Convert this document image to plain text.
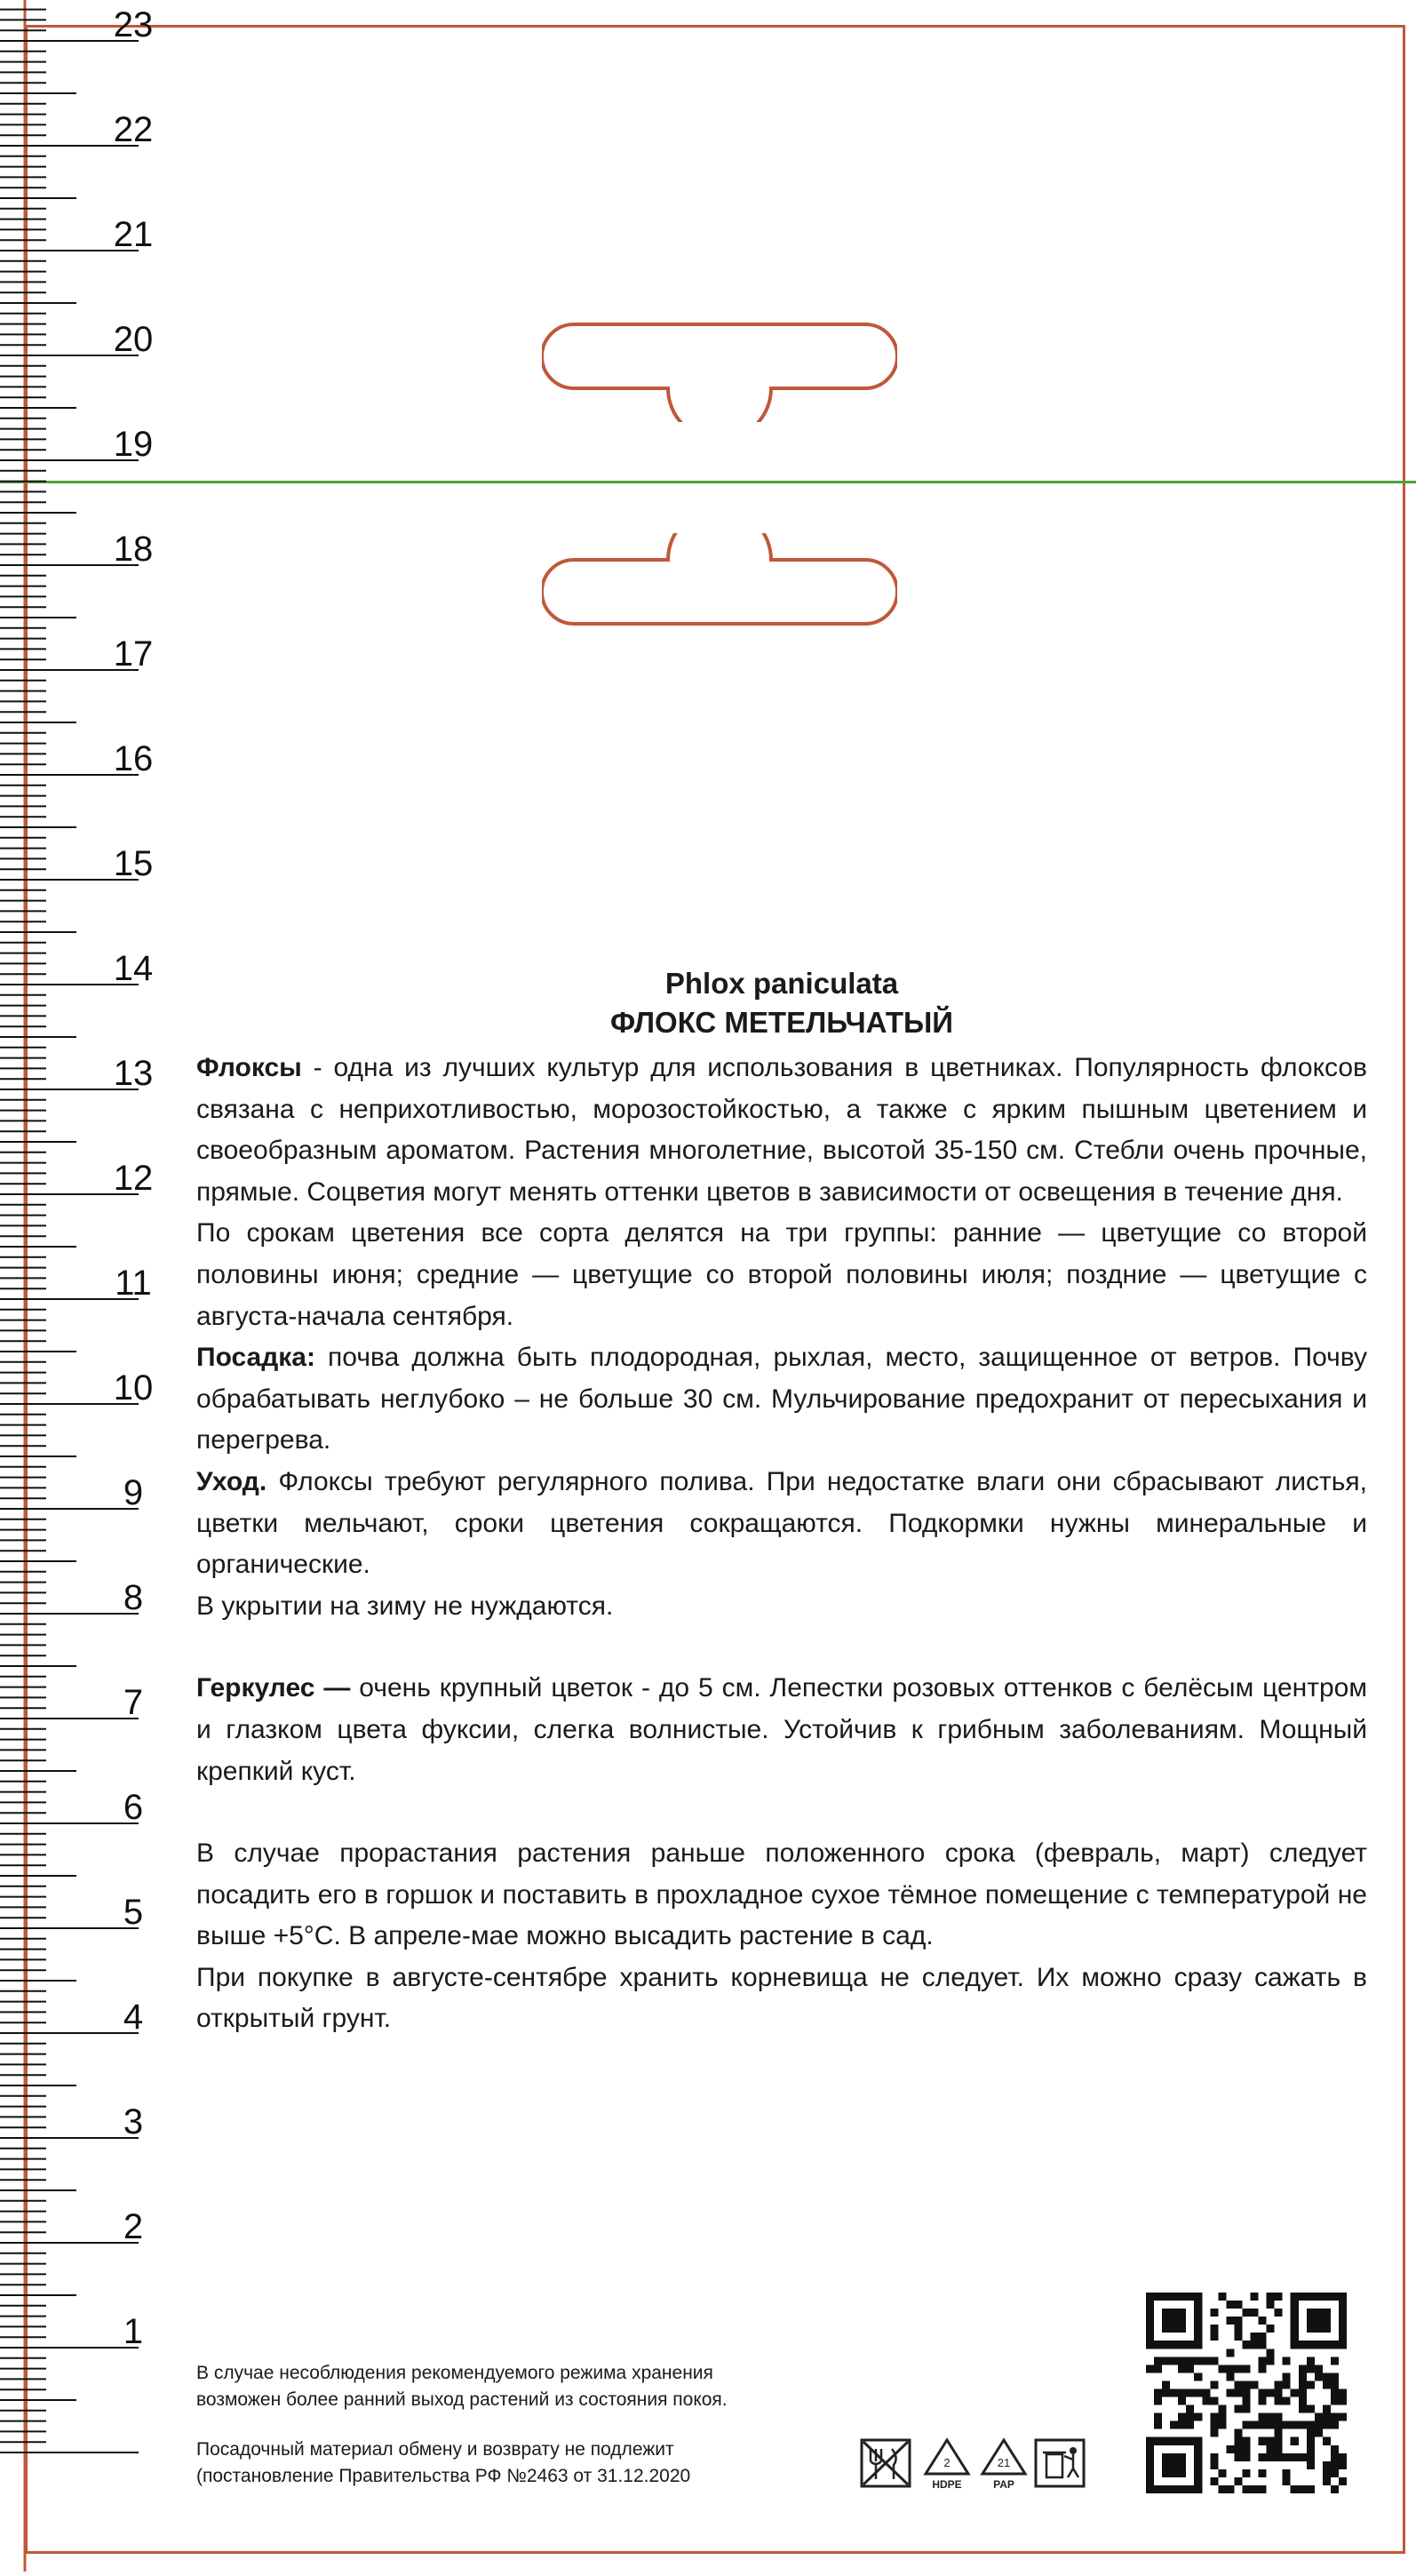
23
22
21
20
19
18
17
16
15
14
13
12
11
10
9
8
7
6
5
4
3
2
1
Phlox paniculata
ФЛОКС МЕТЕЛЬЧАТЫЙ

Флоксы - одна из лучших культур для использования в цветниках. Популярность флоксов связана с неприхотливостью, морозостойкостью, а также с ярким пышным цветением и своеобразным ароматом. Растения многолетние, высотой 35-150 см. Стебли очень прочные, прямые. Соцветия могут менять оттенки цветов в зависимости от освещения в течение дня.

По срокам цветения все сорта делятся на три группы: ранние — цветущие со второй половины июня; средние — цветущие со второй половины июля; поздние — цветущие с августа-начала сентября.

Посадка: почва должна быть плодородная, рыхлая, место, защищенное от ветров. Почву обрабатывать неглубоко – не больше 30 см. Мульчирование предохранит от пересыхания и перегрева.

Уход. Флоксы требуют регулярного полива. При недостатке влаги они сбрасывают листья, цветки мельчают, сроки цветения сокращаются. Подкормки нужны минеральные и органические.

В укрытии на зиму не нуждаются.

Геркулес — очень крупный цветок - до 5 см. Лепестки розовых оттенков с белёсым центром и глазком цвета фуксии, слегка волнистые. Устойчив к грибным заболеваниям. Мощный крепкий куст.

В случае прорастания растения раньше положенного срока (февраль, март) следует посадить его в горшок и поставить в прохладное сухое тёмное помещение с температурой не выше +5°C. В апреле-мае можно высадить растение в сад.

При покупке в августе-сентябре хранить корневища не следует. Их можно сразу сажать в открытый грунт.

В случае несоблюдения рекомендуемого режима хранения
возможен более ранний выход растений из состояния покоя.
Посадочный материал обмену и возврату не подлежит
(постановление Правительства РФ №2463 от 31.12.2020
2
HDPE
21
PAP
